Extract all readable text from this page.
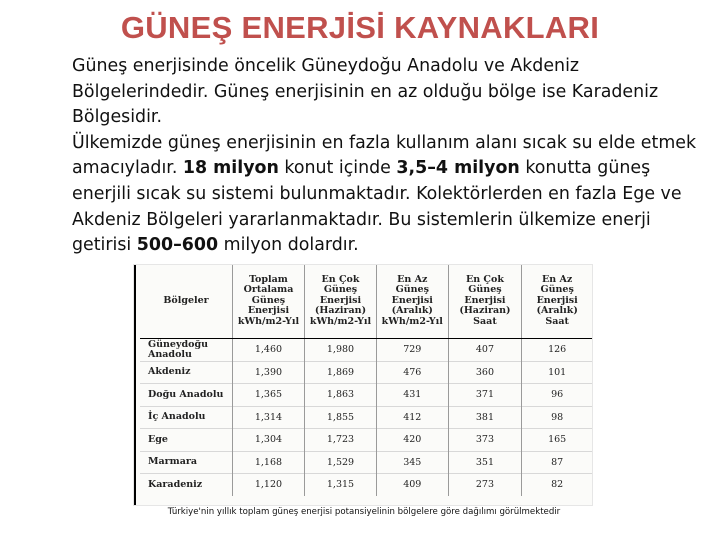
GÜNEŞ ENERJİSİ KAYNAKLARI

Güneş enerjisinde öncelik Güneydoğu Anadolu ve Akdeniz Bölgelerindedir. Güneş enerjisinin en az olduğu bölge ise Karadeniz Bölgesidir.

Ülkemizde güneş enerjisinin en fazla kullanım alanı sıcak su elde etmek amacıyladır. 18 milyon konut içinde 3,5–4 milyon konutta güneş enerjili sıcak su sistemi bulunmaktadır. Kolektörlerden en fazla Ege ve Akdeniz Bölgeleri yararlanmaktadır. Bu sistemlerin ülkemize enerji getirisi 500–600 milyon dolardır.

Bölgeler	Toplam Ortalama Güneş Enerjisi kWh/m2-Yıl	En Çok Güneş Enerjisi (Haziran) kWh/m2-Yıl	En Az Güneş Enerjisi (Aralık) kWh/m2-Yıl	En Çok Güneş Enerjisi (Haziran) Saat	En Az Güneş Enerjisi (Aralık) Saat
Güneydoğu Anadolu	1,460	1,980	729	407	126
Akdeniz	1,390	1,869	476	360	101
Doğu Anadolu	1,365	1,863	431	371	96
İç Anadolu	1,314	1,855	412	381	98
Ege	1,304	1,723	420	373	165
Marmara	1,168	1,529	345	351	87
Karadeniz	1,120	1,315	409	273	82
Türkiye'nin yıllık toplam güneş enerjisi potansiyelinin bölgelere göre dağılımı görülmektedir
